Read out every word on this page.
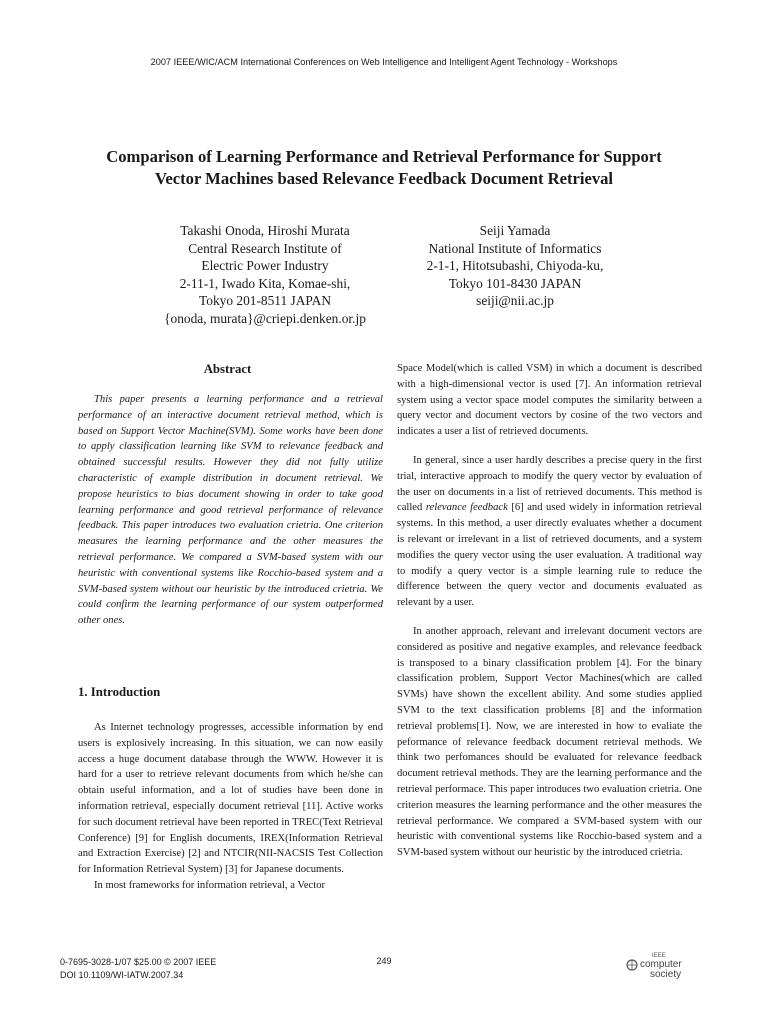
2007 IEEE/WIC/ACM International Conferences on Web Intelligence and Intelligent Agent Technology - Workshops
Comparison of Learning Performance and Retrieval Performance for Support
Vector Machines based Relevance Feedback Document Retrieval
Takashi Onoda, Hiroshi Murata
Central Research Institute of
Electric Power Industry
2-11-1, Iwado Kita, Komae-shi,
Tokyo 201-8511 JAPAN
{onoda, murata}@criepi.denken.or.jp
Seiji Yamada
National Institute of Informatics
2-1-1, Hitotsubashi, Chiyoda-ku,
Tokyo 101-8430 JAPAN
seiji@nii.ac.jp
Abstract

This paper presents a learning performance and a retrieval performance of an interactive document retrieval method, which is based on Support Vector Machine(SVM). Some works have been done to apply classification learning like SVM to relevance feedback and obtained successful results. However they did not fully utilize characteristic of example distribution in document retrieval. We propose heuristics to bias document showing in order to take good learning performance and good retrieval performance of relevance feedback. This paper introduces two evaluation crietria. One criterion measures the learning performance and the other measures the retrieval performance. We compared a SVM-based system with our heuristic with conventional systems like Rocchio-based system and a SVM-based system without our heuristic by the introduced crietria. We could confirm the learning performance of our system outperformed other ones.

1. Introduction

As Internet technology progresses, accessible information by end users is explosively increasing. In this situation, we can now easily access a huge document database through the WWW. However it is hard for a user to retrieve relevant documents from which he/she can obtain useful information, and a lot of studies have been done in information retrieval, especially document retrieval [11]. Active works for such document retrieval have been reported in TREC(Text Retrieval Conference) [9] for English documents, IREX(Information Retrieval and Extraction Exercise) [2] and NTCIR(NII-NACSIS Test Collection for Information Retrieval System) [3] for Japanese documents.

In most frameworks for information retrieval, a Vector

Space Model(which is called VSM) in which a document is described with a high-dimensional vector is used [7]. An information retrieval system using a vector space model computes the similarity between a query vector and document vectors by cosine of the two vectors and indicates a user a list of retrieved documents.

In general, since a user hardly describes a precise query in the first trial, interactive approach to modify the query vector by evaluation of the user on documents in a list of retrieved documents. This method is called relevance feedback [6] and used widely in information retrieval systems. In this method, a user directly evaluates whether a document is relevant or irrelevant in a list of retrieved documents, and a system modifies the query vector using the user evaluation. A traditional way to modify a query vector is a simple learning rule to reduce the difference between the query vector and documents evaluated as relevant by a user.

In another approach, relevant and irrelevant document vectors are considered as positive and negative examples, and relevance feedback is transposed to a binary classification problem [4]. For the binary classification problem, Support Vector Machines(which are called SVMs) have shown the excellent ability. And some studies applied SVM to the text classification problems [8] and the information retrieval problems[1]. Now, we are interested in how to evaliate the peformance of relevance feedback document retrieval methods. We think two perfomances should be evaluated for relevance feedback document retrieval methods. They are the learning performance and the retrieval performace. This paper introduces two evaluation crietria. One criterion measures the learning performance and the other measures the retrieval performance. We compared a SVM-based system with our heuristic with conventional systems like Rocchio-based system and a SVM-based system without our heuristic by the introduced crietria.

0-7695-3028-1/07 $25.00 © 2007 IEEE
DOI 10.1109/WI-IATW.2007.34
249	IEEE
computer
society
